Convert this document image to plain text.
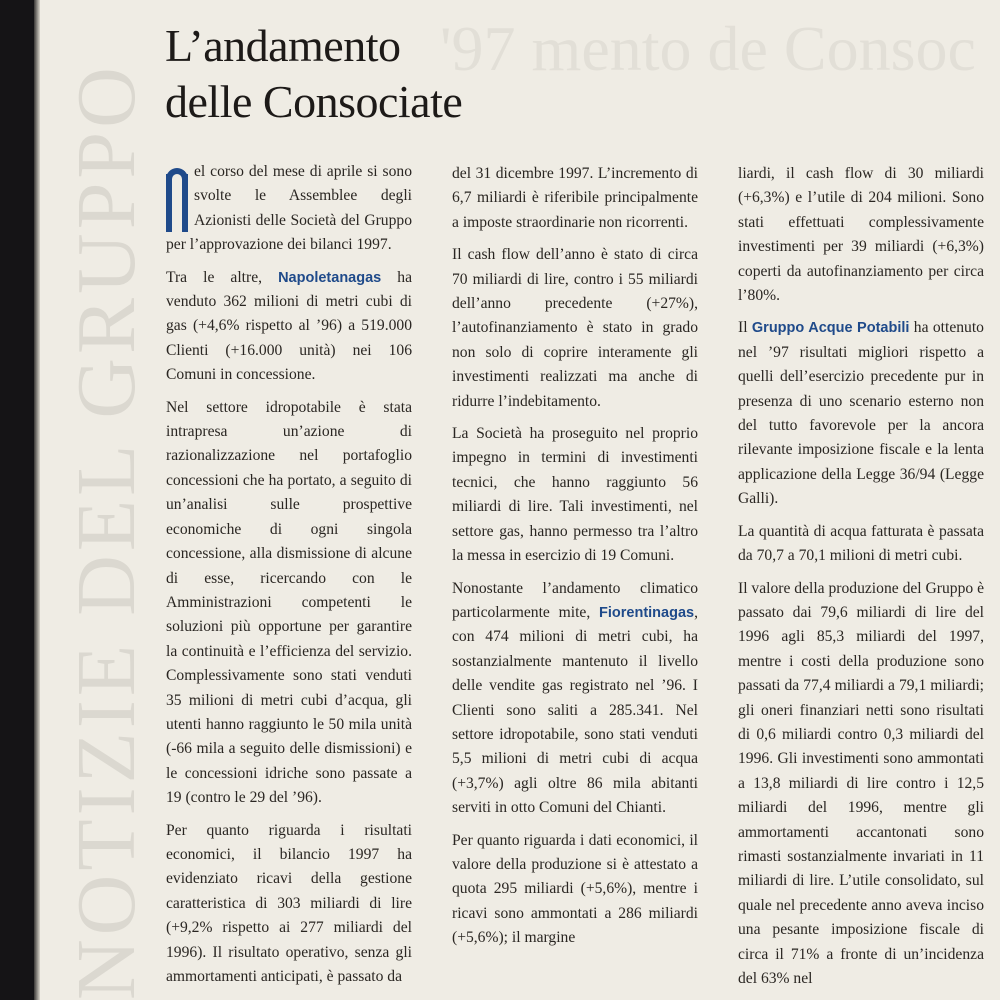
NOTIZIE DEL GRUPPO
'97 mento de Consoc
L’andamento
delle Consociate

el corso del mese di aprile si sono svolte le Assemblee degli Azionisti delle Società del Gruppo per l’approvazione dei bilanci 1997.

Tra le altre, Napoletanagas ha venduto 362 milioni di metri cubi di gas (+4,6% rispetto al ’96) a 519.000 Clienti (+16.000 unità) nei 106 Comuni in concessione.

Nel settore idropotabile è stata intrapresa un’azione di razionalizzazione nel portafoglio concessioni che ha portato, a seguito di un’analisi sulle prospettive economiche di ogni singola concessione, alla dismissione di alcune di esse, ricercando con le Amministrazioni competenti le soluzioni più opportune per garantire la continuità e l’efficienza del servizio. Complessivamente sono stati venduti 35 milioni di metri cubi d’acqua, gli utenti hanno raggiunto le 50 mila unità (-66 mila a seguito delle dismissioni) e le concessioni idriche sono passate a 19 (contro le 29 del ’96).

Per quanto riguarda i risultati economici, il bilancio 1997 ha evidenziato ricavi della gestione caratteristica di 303 miliardi di lire (+9,2% rispetto ai 277 miliardi del 1996). Il risultato operativo, senza gli ammortamenti anticipati, è passato da

del 31 dicembre 1997. L’incremento di 6,7 miliardi è riferibile principalmente a imposte straordinarie non ricorrenti.

Il cash flow dell’anno è stato di circa 70 miliardi di lire, contro i 55 miliardi dell’anno precedente (+27%), l’autofinanziamento è stato in grado non solo di coprire interamente gli investimenti realizzati ma anche di ridurre l’indebitamento.

La Società ha proseguito nel proprio impegno in termini di investimenti tecnici, che hanno raggiunto 56 miliardi di lire. Tali investimenti, nel settore gas, hanno permesso tra l’altro la messa in esercizio di 19 Comuni.

Nonostante l’andamento climatico particolarmente mite, Fiorentinagas, con 474 milioni di metri cubi, ha sostanzialmente mantenuto il livello delle vendite gas registrato nel ’96. I Clienti sono saliti a 285.341. Nel settore idropotabile, sono stati venduti 5,5 milioni di metri cubi di acqua (+3,7%) agli oltre 86 mila abitanti serviti in otto Comuni del Chianti.

Per quanto riguarda i dati economici, il valore della produzione si è attestato a quota 295 miliardi (+5,6%), mentre i ricavi sono ammontati a 286 miliardi (+5,6%); il margine

liardi, il cash flow di 30 miliardi (+6,3%) e l’utile di 204 milioni. Sono stati effettuati complessivamente investimenti per 39 miliardi (+6,3%) coperti da autofinanziamento per circa l’80%.

Il Gruppo Acque Potabili ha ottenuto nel ’97 risultati migliori rispetto a quelli dell’esercizio precedente pur in presenza di uno scenario esterno non del tutto favorevole per la ancora rilevante imposizione fiscale e la lenta applicazione della Legge 36/94 (Legge Galli).

La quantità di acqua fatturata è passata da 70,7 a 70,1 milioni di metri cubi.

Il valore della produzione del Gruppo è passato dai 79,6 miliardi di lire del 1996 agli 85,3 miliardi del 1997, mentre i costi della produzione sono passati da 77,4 miliardi a 79,1 miliardi; gli oneri finanziari netti sono risultati di 0,6 miliardi contro 0,3 miliardi del 1996. Gli investimenti sono ammontati a 13,8 miliardi di lire contro i 12,5 miliardi del 1996, mentre gli ammortamenti accantonati sono rimasti sostanzialmente invariati in 11 miliardi di lire. L’utile consolidato, sul quale nel precedente anno aveva inciso una pesante imposizione fiscale di circa il 71% a fronte di un’incidenza del 63% nel
